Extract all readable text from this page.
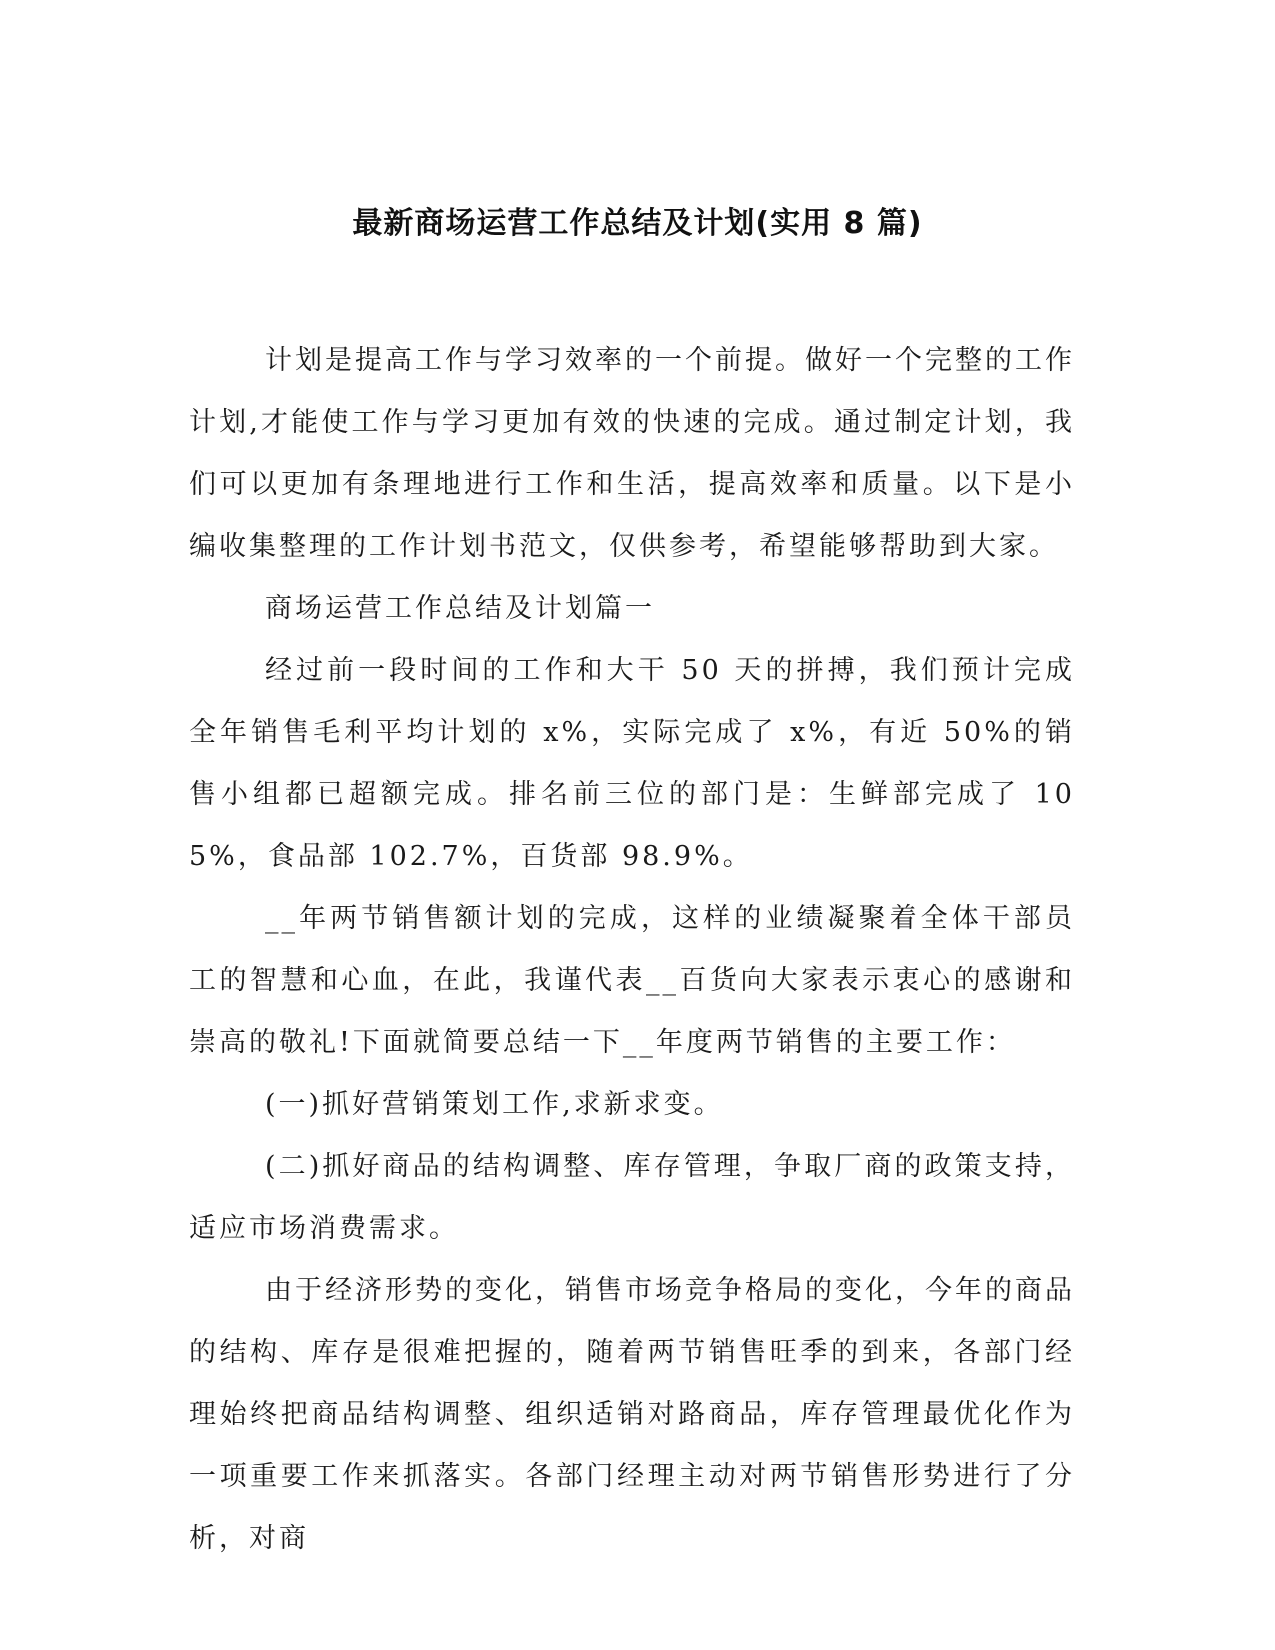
最新商场运营工作总结及计划(实用 8 篇)

计划是提高工作与学习效率的一个前提。做好一个完整的工作计划,才能使工作与学习更加有效的快速的完成。通过制定计划，我们可以更加有条理地进行工作和生活，提高效率和质量。以下是小编收集整理的工作计划书范文，仅供参考，希望能够帮助到大家。

商场运营工作总结及计划篇一

经过前一段时间的工作和大干 50 天的拼搏，我们预计完成全年销售毛利平均计划的 x%，实际完成了 x%，有近 50%的销售小组都已超额完成。排名前三位的部门是：生鲜部完成了 105%，食品部 102.7%，百货部 98.9%。

__年两节销售额计划的完成，这样的业绩凝聚着全体干部员工的智慧和心血，在此，我谨代表__百货向大家表示衷心的感谢和崇高的敬礼!下面就简要总结一下__年度两节销售的主要工作：

(一)抓好营销策划工作,求新求变。

(二)抓好商品的结构调整、库存管理，争取厂商的政策支持，适应市场消费需求。

由于经济形势的变化，销售市场竞争格局的变化，今年的商品的结构、库存是很难把握的，随着两节销售旺季的到来，各部门经理始终把商品结构调整、组织适销对路商品，库存管理最优化作为一项重要工作来抓落实。各部门经理主动对两节销售形势进行了分析，对商
